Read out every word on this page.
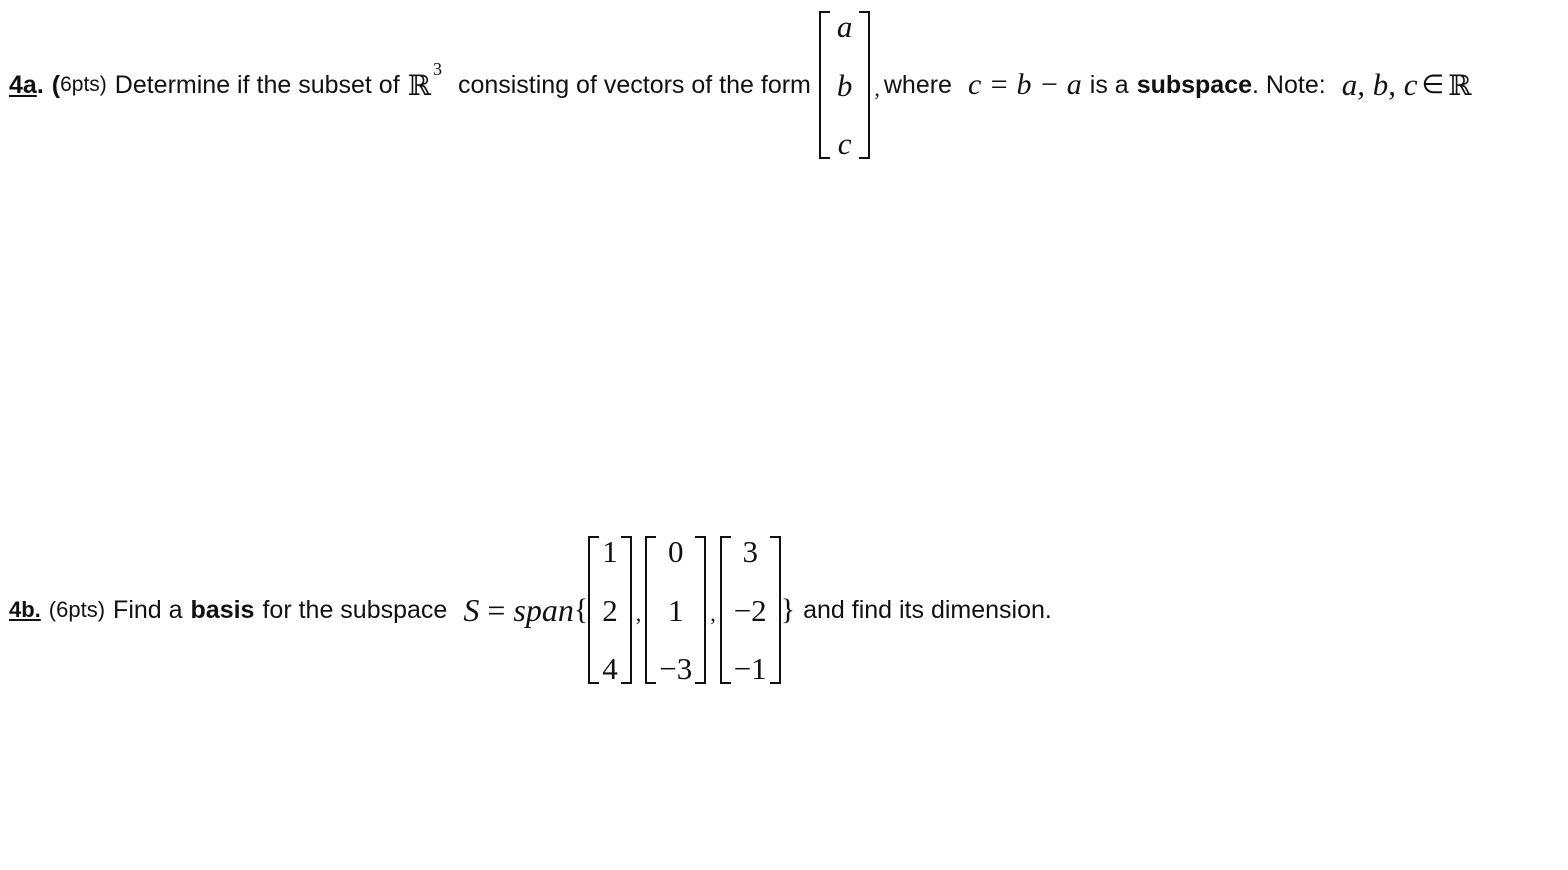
4a . ( 6pts) Determine if the subset of ℝ 3
consisting of vectors of the form
a
b
c
, where c = b − a is a subspace . Note: a, b, c ∈ ℝ
4b. (6pts) Find a basis for the subspace S = span {
1
2
4
,
0
1
−3
,
3
−2
−1
} and find its dimension.
